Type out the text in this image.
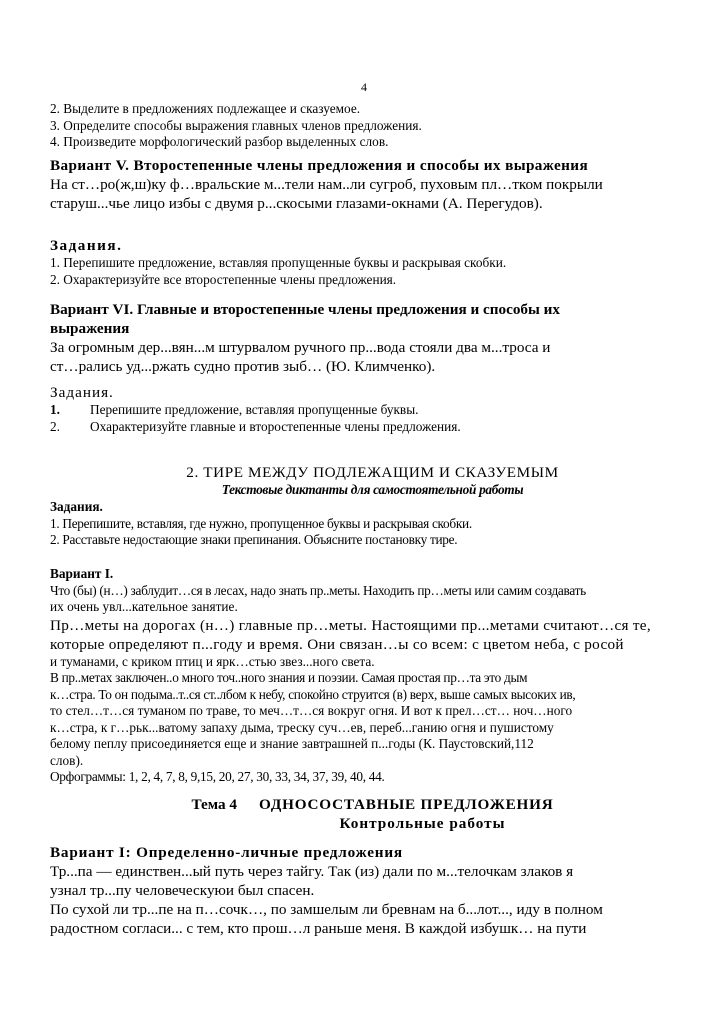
4
2. Выделите в предложениях подлежащее и сказуемое.
3. Определите способы выражения главных членов предложения.
4. Произведите морфологический разбор выделенных слов.
Вариант V. Второстепенные члены предложения и способы их выражения
На ст…ро(ж,ш)ку ф…вральские м...тели нам..ли сугроб, пуховым пл…тком покрыли
старуш...чье лицо избы с двумя р...скосыми глазами-окнами (А. Перегудов).
Задания.
1. Перепишите предложение, вставляя пропущенные буквы и раскрывая скобки.
2. Охарактеризуйте все второстепенные члены предложения.
Вариант VI. Главные и второстепенные члены предложения и способы их
выражения
За огромным дер...вян...м штурвалом ручного пр...вода стояли два м...троса и
ст…рались уд...ржать судно против зыб… (Ю. Климченко).
Задания.
1.	Перепишите предложение, вставляя пропущенные буквы.
2.	Охарактеризуйте главные и второстепенные члены предложения.
2. ТИРЕ МЕЖДУ ПОДЛЕЖАЩИМ И СКАЗУЕМЫМ
Текстовые диктанты для самостоятельной работы
Задания.
1. Перепишите, вставляя, где нужно, пропущенное буквы и раскрывая скобки.
2. Расставьте недостающие знаки препинания. Объясните постановку тире.
Вариант I.
Что (бы) (н…) заблудит…ся в лесах, надо знать пр..меты. Находить пр…меты или самим создавать
их очень увл...кательное занятие.
Пр…меты на дорогах (н…) главные пр…меты. Настоящими пр...метами считают…ся те,
которые определяют п...году и время. Они связан…ы со всем: с цветом неба, с росой
и туманами, с криком птиц и ярк…стью звез...ного света.
В пр..метах заключен..о много точ..ного знания и поэзии. Самая простая пр…та это дым
к…стра. То он подыма..т..ся ст..лбом к небу, спокойно струится (в) верх, выше самых высоких ив,
то стел…т…ся туманом по траве, то меч…т…ся вокруг огня. И вот к прел…ст… ноч…ного
к…стра, к г…рьк...ватому запаху дыма, треску суч…ев, переб...ганию огня и пушистому
белому пеплу присоединяется еще и знание завтрашней п...годы (К. Паустовский,112
слов).
Орфограммы: 1, 2, 4, 7, 8, 9,15, 20, 27, 30, 33, 34, 37, 39, 40, 44.
Тема 4 ОДНОСОСТАВНЫЕ ПРЕДЛОЖЕНИЯ
Контрольные работы
Вариант I: Определенно-личные предложения
Тр...па — единствен...ый путь через тайгу. Так (из) дали по м...телочкам злаков я
узнал тр...пу человеческуюи был спасен.
По сухой ли тр...пе на п…сочк…, по замшелым ли бревнам на б...лот..., иду в полном
радостном согласи... с тем, кто прош…л раньше меня. В каждой избушк… на пути
